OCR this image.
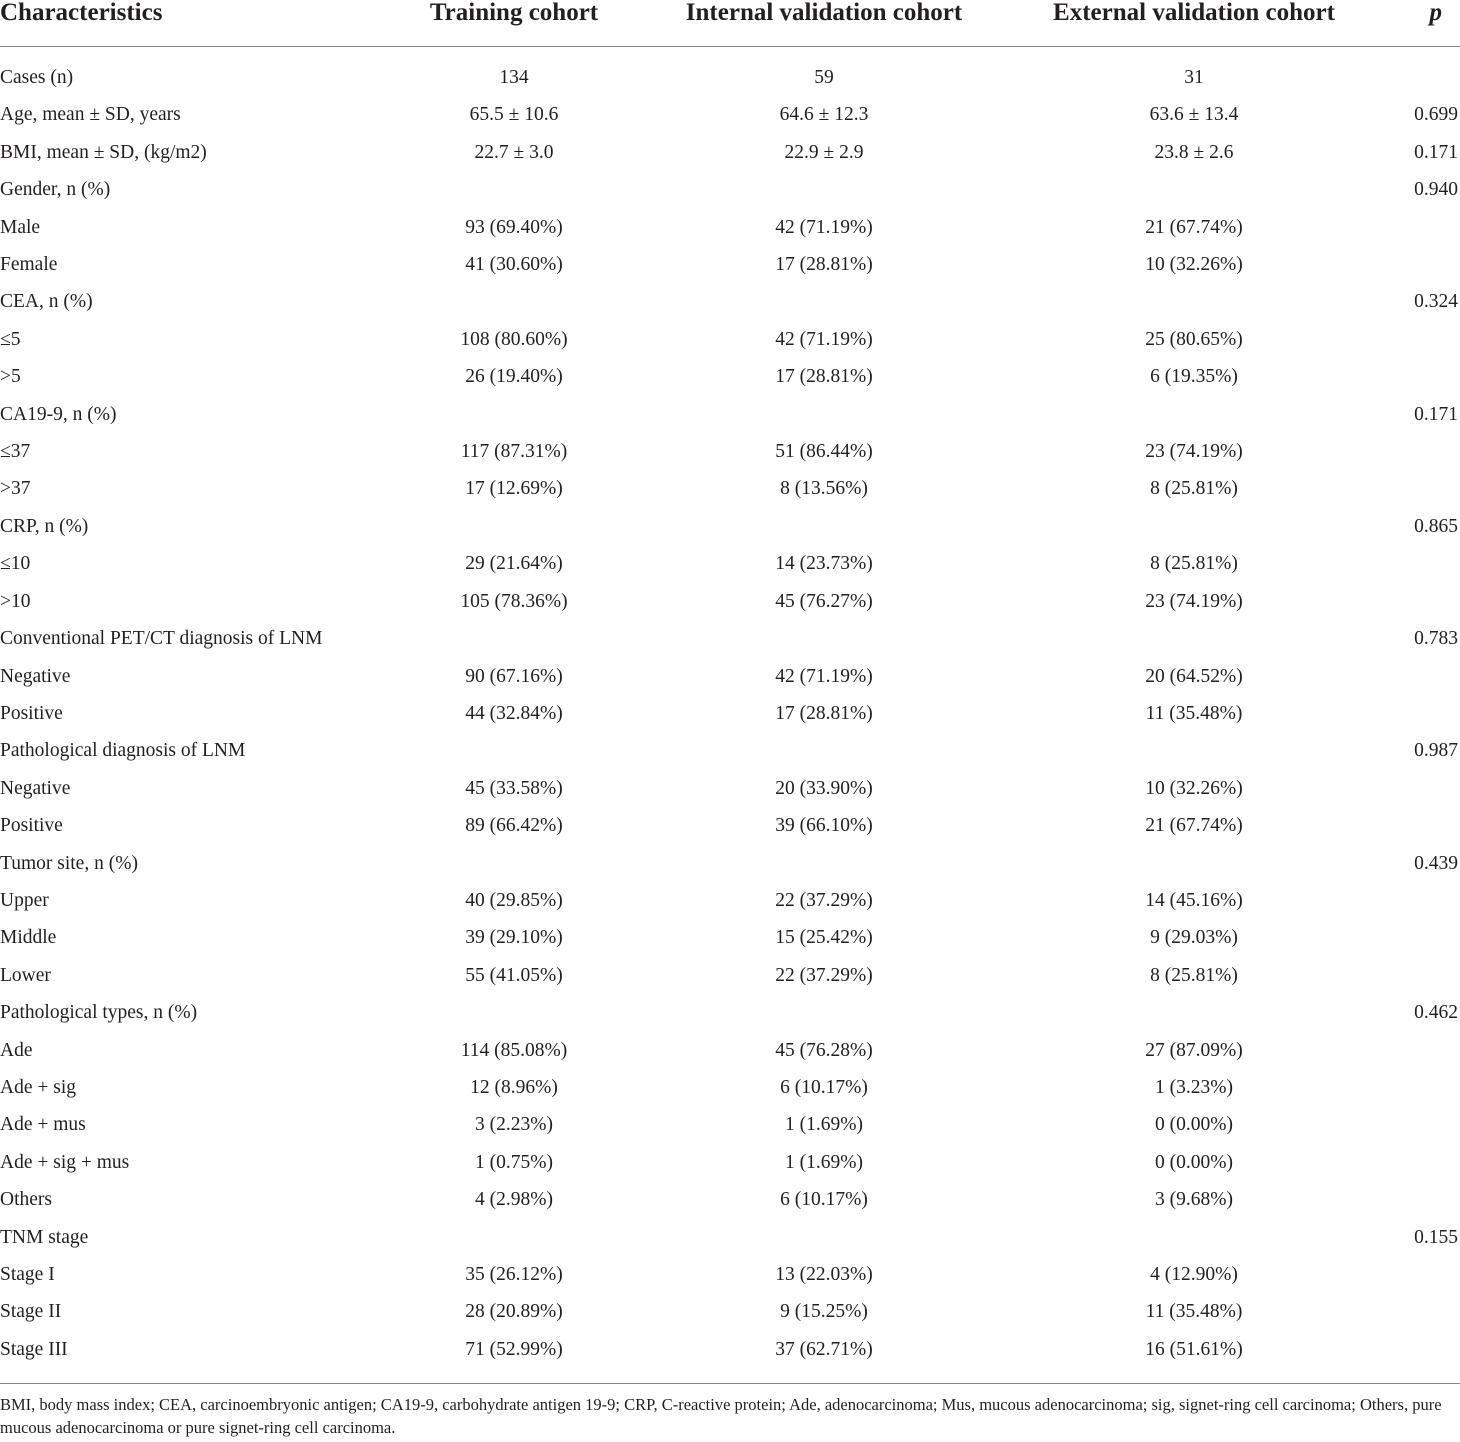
Characteristics	Training cohort	Internal validation cohort	External validation cohort	p
Cases (n)	134	59	31	
Age, mean ± SD, years	65.5 ± 10.6	64.6 ± 12.3	63.6 ± 13.4	0.699
BMI, mean ± SD, (kg/m2)	22.7 ± 3.0	22.9 ± 2.9	23.8 ± 2.6	0.171
Gender, n (%)				0.940
Male	93 (69.40%)	42 (71.19%)	21 (67.74%)	
Female	41 (30.60%)	17 (28.81%)	10 (32.26%)	
CEA, n (%)				0.324
≤5	108 (80.60%)	42 (71.19%)	25 (80.65%)	
>5	26 (19.40%)	17 (28.81%)	6 (19.35%)	
CA19-9, n (%)				0.171
≤37	117 (87.31%)	51 (86.44%)	23 (74.19%)	
>37	17 (12.69%)	8 (13.56%)	8 (25.81%)	
CRP, n (%)				0.865
≤10	29 (21.64%)	14 (23.73%)	8 (25.81%)	
>10	105 (78.36%)	45 (76.27%)	23 (74.19%)	
Conventional PET/CT diagnosis of LNM				0.783
Negative	90 (67.16%)	42 (71.19%)	20 (64.52%)	
Positive	44 (32.84%)	17 (28.81%)	11 (35.48%)	
Pathological diagnosis of LNM				0.987
Negative	45 (33.58%)	20 (33.90%)	10 (32.26%)	
Positive	89 (66.42%)	39 (66.10%)	21 (67.74%)	
Tumor site, n (%)				0.439
Upper	40 (29.85%)	22 (37.29%)	14 (45.16%)	
Middle	39 (29.10%)	15 (25.42%)	9 (29.03%)	
Lower	55 (41.05%)	22 (37.29%)	8 (25.81%)	
Pathological types, n (%)				0.462
Ade	114 (85.08%)	45 (76.28%)	27 (87.09%)	
Ade + sig	12 (8.96%)	6 (10.17%)	1 (3.23%)	
Ade + mus	3 (2.23%)	1 (1.69%)	0 (0.00%)	
Ade + sig + mus	1 (0.75%)	1 (1.69%)	0 (0.00%)	
Others	4 (2.98%)	6 (10.17%)	3 (9.68%)	
TNM stage				0.155
Stage I	35 (26.12%)	13 (22.03%)	4 (12.90%)	
Stage II	28 (20.89%)	9 (15.25%)	11 (35.48%)	
Stage III	71 (52.99%)	37 (62.71%)	16 (51.61%)	
BMI, body mass index; CEA, carcinoembryonic antigen; CA19-9, carbohydrate antigen 19-9; CRP, C-reactive protein; Ade, adenocarcinoma; Mus, mucous adenocarcinoma; sig, signet-ring cell carcinoma; Others, pure mucous adenocarcinoma or pure signet-ring cell carcinoma.
